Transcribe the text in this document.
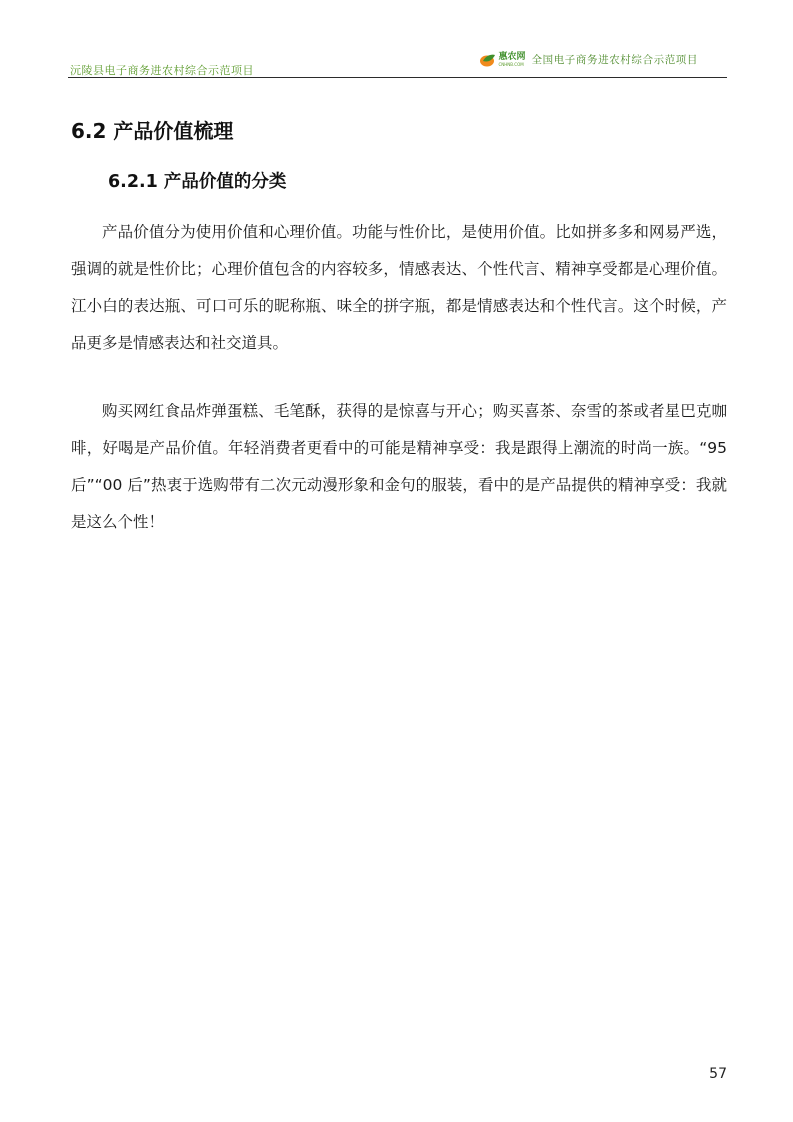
沅陵县电子商务进农村综合示范项目
惠农网
CNHNB.COM 全国电子商务进农村综合示范项目
6.2 产品价值梳理
6.2.1 产品价值的分类

产品价值分为使用价值和心理价值。功能与性价比，是使用价值。比如拼多多和网易严选，强调的就是性价比；心理价值包含的内容较多，情感表达、个性代言、精神享受都是心理价值。江小白的表达瓶、可口可乐的昵称瓶、味全的拼字瓶，都是情感表达和个性代言。这个时候，产品更多是情感表达和社交道具。

购买网红食品炸弹蛋糕、毛笔酥，获得的是惊喜与开心；购买喜茶、奈雪的茶或者星巴克咖啡，好喝是产品价值。年轻消费者更看中的可能是精神享受：我是跟得上潮流的时尚一族。“95 后”“00 后”热衷于选购带有二次元动漫形象和金句的服装，看中的是产品提供的精神享受：我就是这么个性！

57
